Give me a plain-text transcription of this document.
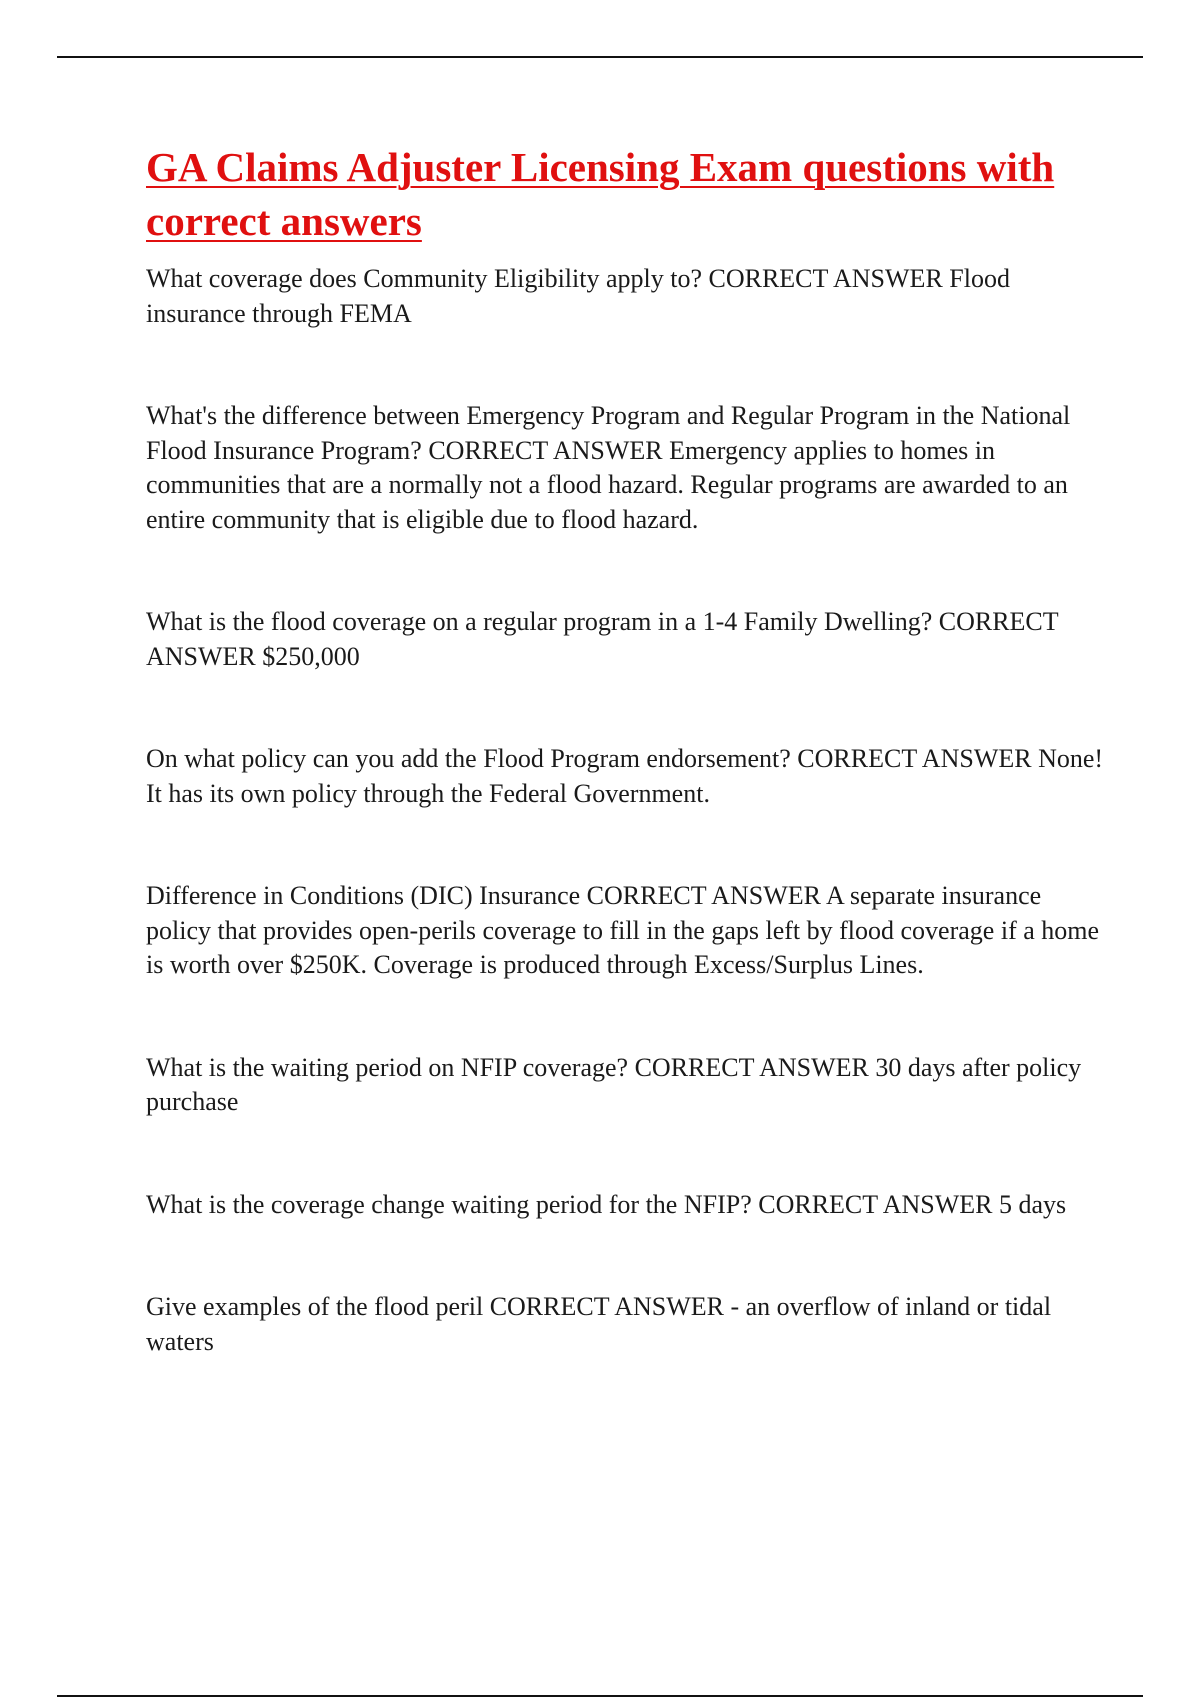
GA Claims Adjuster Licensing Exam questions with correct answers
What coverage does Community Eligibility apply to? CORRECT ANSWER Flood insurance through FEMA
What's the difference between Emergency Program and Regular Program in the National Flood Insurance Program? CORRECT ANSWER Emergency applies to homes in communities that are a normally not a flood hazard. Regular programs are awarded to an entire community that is eligible due to flood hazard.
What is the flood coverage on a regular program in a 1-4 Family Dwelling? CORRECT ANSWER $250,000
On what policy can you add the Flood Program endorsement? CORRECT ANSWER None! It has its own policy through the Federal Government.
Difference in Conditions (DIC) Insurance CORRECT ANSWER A separate insurance policy that provides open-perils coverage to fill in the gaps left by flood coverage if a home is worth over $250K. Coverage is produced through Excess/Surplus Lines.
What is the waiting period on NFIP coverage? CORRECT ANSWER 30 days after policy purchase
What is the coverage change waiting period for the NFIP? CORRECT ANSWER 5 days
Give examples of the flood peril CORRECT ANSWER - an overflow of inland or tidal waters
